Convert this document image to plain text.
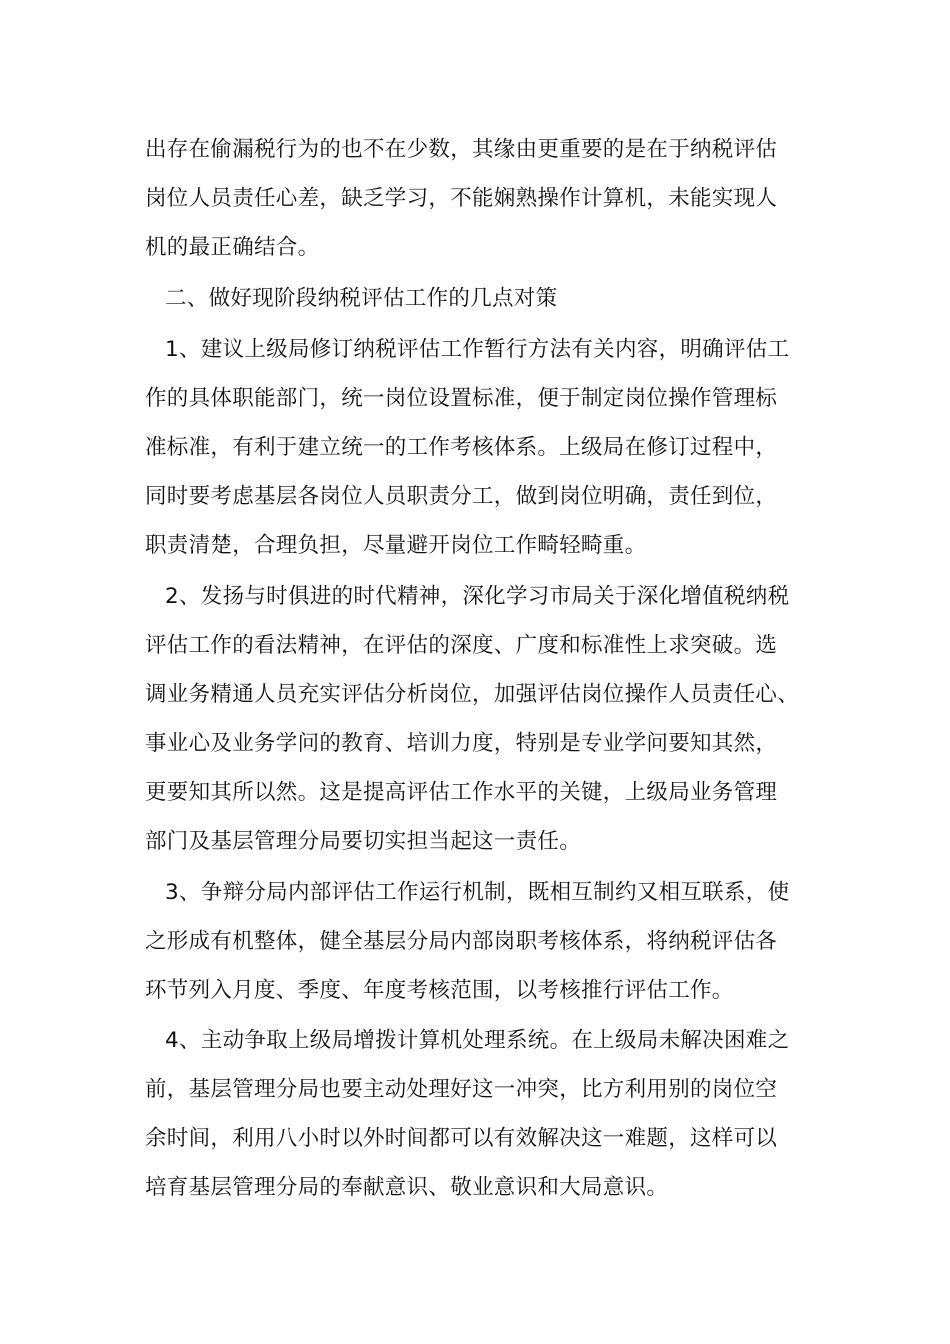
出存在偷漏税行为的也不在少数，其缘由更重要的是在于纳税评估
岗位人员责任心差，缺乏学习，不能娴熟操作计算机，未能实现人
机的最正确结合。
二、做好现阶段纳税评估工作的几点对策
1、建议上级局修订纳税评估工作暂行方法有关内容，明确评估工
作的具体职能部门，统一岗位设置标准，便于制定岗位操作管理标
准标准，有利于建立统一的工作考核体系。上级局在修订过程中，
同时要考虑基层各岗位人员职责分工，做到岗位明确，责任到位，
职责清楚，合理负担，尽量避开岗位工作畸轻畸重。
2、发扬与时俱进的时代精神，深化学习市局关于深化增值税纳税
评估工作的看法精神，在评估的深度、广度和标准性上求突破。选
调业务精通人员充实评估分析岗位，加强评估岗位操作人员责任心、
事业心及业务学问的教育、培训力度，特别是专业学问要知其然，
更要知其所以然。这是提高评估工作水平的关键，上级局业务管理
部门及基层管理分局要切实担当起这一责任。
3、争辩分局内部评估工作运行机制，既相互制约又相互联系，使
之形成有机整体，健全基层分局内部岗职考核体系，将纳税评估各
环节列入月度、季度、年度考核范围，以考核推行评估工作。
4、主动争取上级局增拨计算机处理系统。在上级局未解决困难之
前，基层管理分局也要主动处理好这一冲突，比方利用别的岗位空
余时间，利用八小时以外时间都可以有效解决这一难题，这样可以
培育基层管理分局的奉献意识、敬业意识和大局意识。
